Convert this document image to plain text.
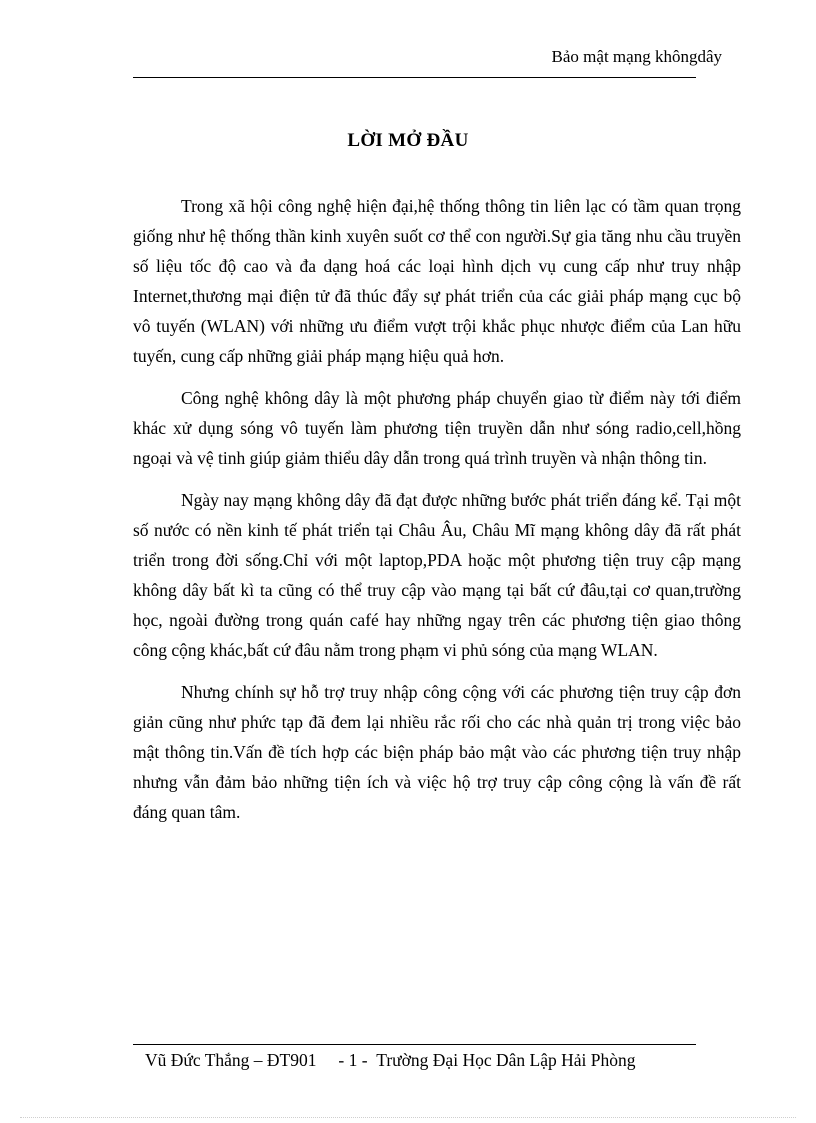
Bảo mật mạng khôngdây
LỜI MỞ ĐẦU

Trong xã hội công nghệ hiện đại,hệ thống thông tin liên lạc có tầm quan trọng giống như hệ thống thần kinh xuyên suốt cơ thể con người.Sự gia tăng nhu cầu truyền số liệu tốc độ cao và đa dạng hoá các loại hình dịch vụ cung cấp như truy nhập Internet,thương mại điện tử đã thúc đẩy sự phát triển của các giải pháp mạng cục bộ vô tuyến (WLAN) với những ưu điểm vượt trội khắc phục nhược điểm của Lan hữu tuyến, cung cấp những giải pháp mạng hiệu quả hơn.

Công nghệ không dây là một phương pháp chuyển giao từ điểm này tới điểm khác xử dụng sóng vô tuyến làm phương tiện truyền dẫn như sóng radio,cell,hồng ngoại và vệ tinh giúp giảm thiểu dây dẫn trong quá trình truyền và nhận thông tin.

Ngày nay mạng không dây đã đạt được những bước phát triển đáng kể. Tại một số nước có nền kinh tế phát triển tại Châu Âu, Châu Mĩ mạng không dây đã rất phát triển trong đời sống.Chỉ với một laptop,PDA hoặc một phương tiện truy cập mạng không dây bất kì ta cũng có thể truy cập vào mạng tại bất cứ đâu,tại cơ quan,trường học, ngoài đường trong quán café hay những ngay trên các phương tiện giao thông công cộng khác,bất cứ đâu nằm trong phạm vi phủ sóng của mạng WLAN.

Nhưng chính sự hỗ trợ truy nhập công cộng với các phương tiện truy cập đơn giản cũng như phức tạp đã đem lại nhiều rắc rối cho các nhà quản trị trong việc bảo mật thông tin.Vấn đề tích hợp các biện pháp bảo mật vào các phương tiện truy nhập nhưng vẫn đảm bảo những tiện ích và việc hộ trợ truy cập công cộng là vấn đề rất đáng quan tâm.

Vũ Đức Thắng – ĐT901 - 1 - Trường Đại Học Dân Lập Hải Phòng
